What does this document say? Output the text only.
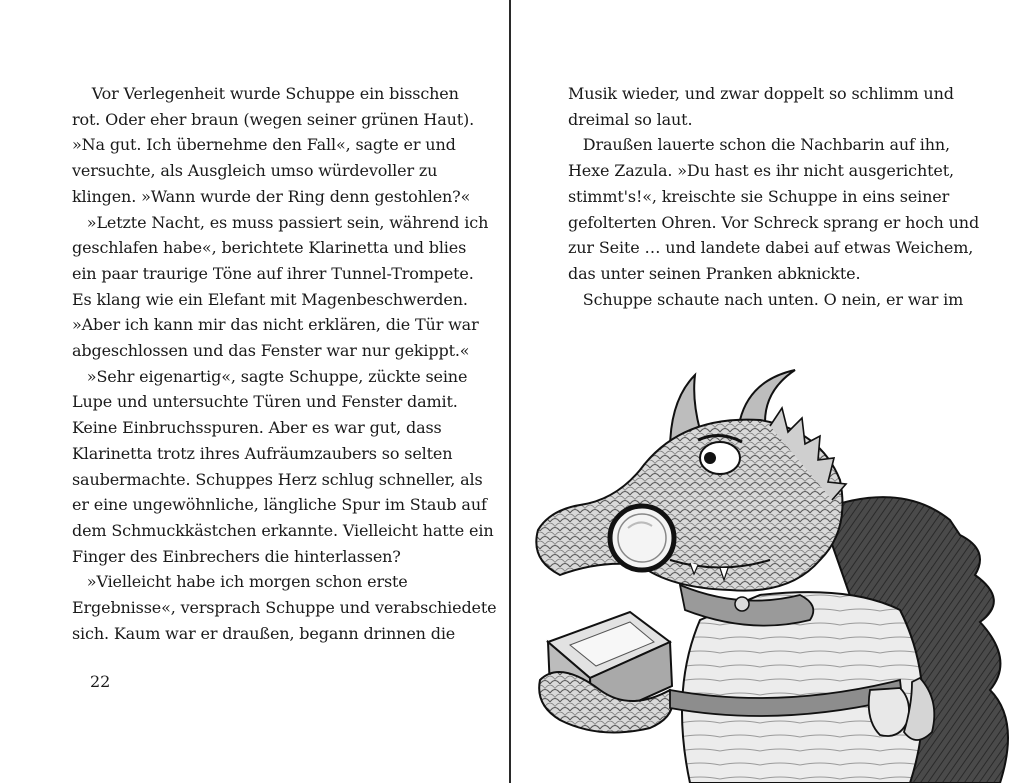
Vor Verlegenheit wurde Schuppe ein bisschen
rot. Oder eher braun (wegen seiner grünen Haut).
»Na gut. Ich übernehme den Fall«, sagte er und
versuchte, als Ausgleich umso würdevoller zu
klingen. »Wann wurde der Ring denn gestohlen?«
»Letzte Nacht, es muss passiert sein, während ich
geschlafen habe«, berichtete Klarinetta und blies
ein paar traurige Töne auf ihrer Tunnel-Trompete.
Es klang wie ein Elefant mit Magenbeschwerden.
»Aber ich kann mir das nicht erklären, die Tür war
abgeschlossen und das Fenster war nur gekippt.«
»Sehr eigenartig«, sagte Schuppe, zückte seine
Lupe und untersuchte Türen und Fenster damit.
Keine Einbruchsspuren. Aber es war gut, dass
Klarinetta trotz ihres Aufräumzaubers so selten
saubermachte. Schuppes Herz schlug schneller, als
er eine ungewöhnliche, längliche Spur im Staub auf
dem Schmuckkästchen erkannte. Vielleicht hatte ein
Finger des Einbrechers die hinterlassen?
»Vielleicht habe ich morgen schon erste
Ergebnisse«, versprach Schuppe und verabschiedete
sich. Kaum war er draußen, begann drinnen die
22
Musik wieder, und zwar doppelt so schlimm und
dreimal so laut.
Draußen lauerte schon die Nachbarin auf ihn,
Hexe Zazula. »Du hast es ihr nicht ausgerichtet,
stimmt's!«, kreischte sie Schuppe in eins seiner
gefolterten Ohren. Vor Schreck sprang er hoch und
zur Seite … und landete dabei auf etwas Weichem,
das unter seinen Pranken abknickte.
Schuppe schaute nach unten. O nein, er war im
